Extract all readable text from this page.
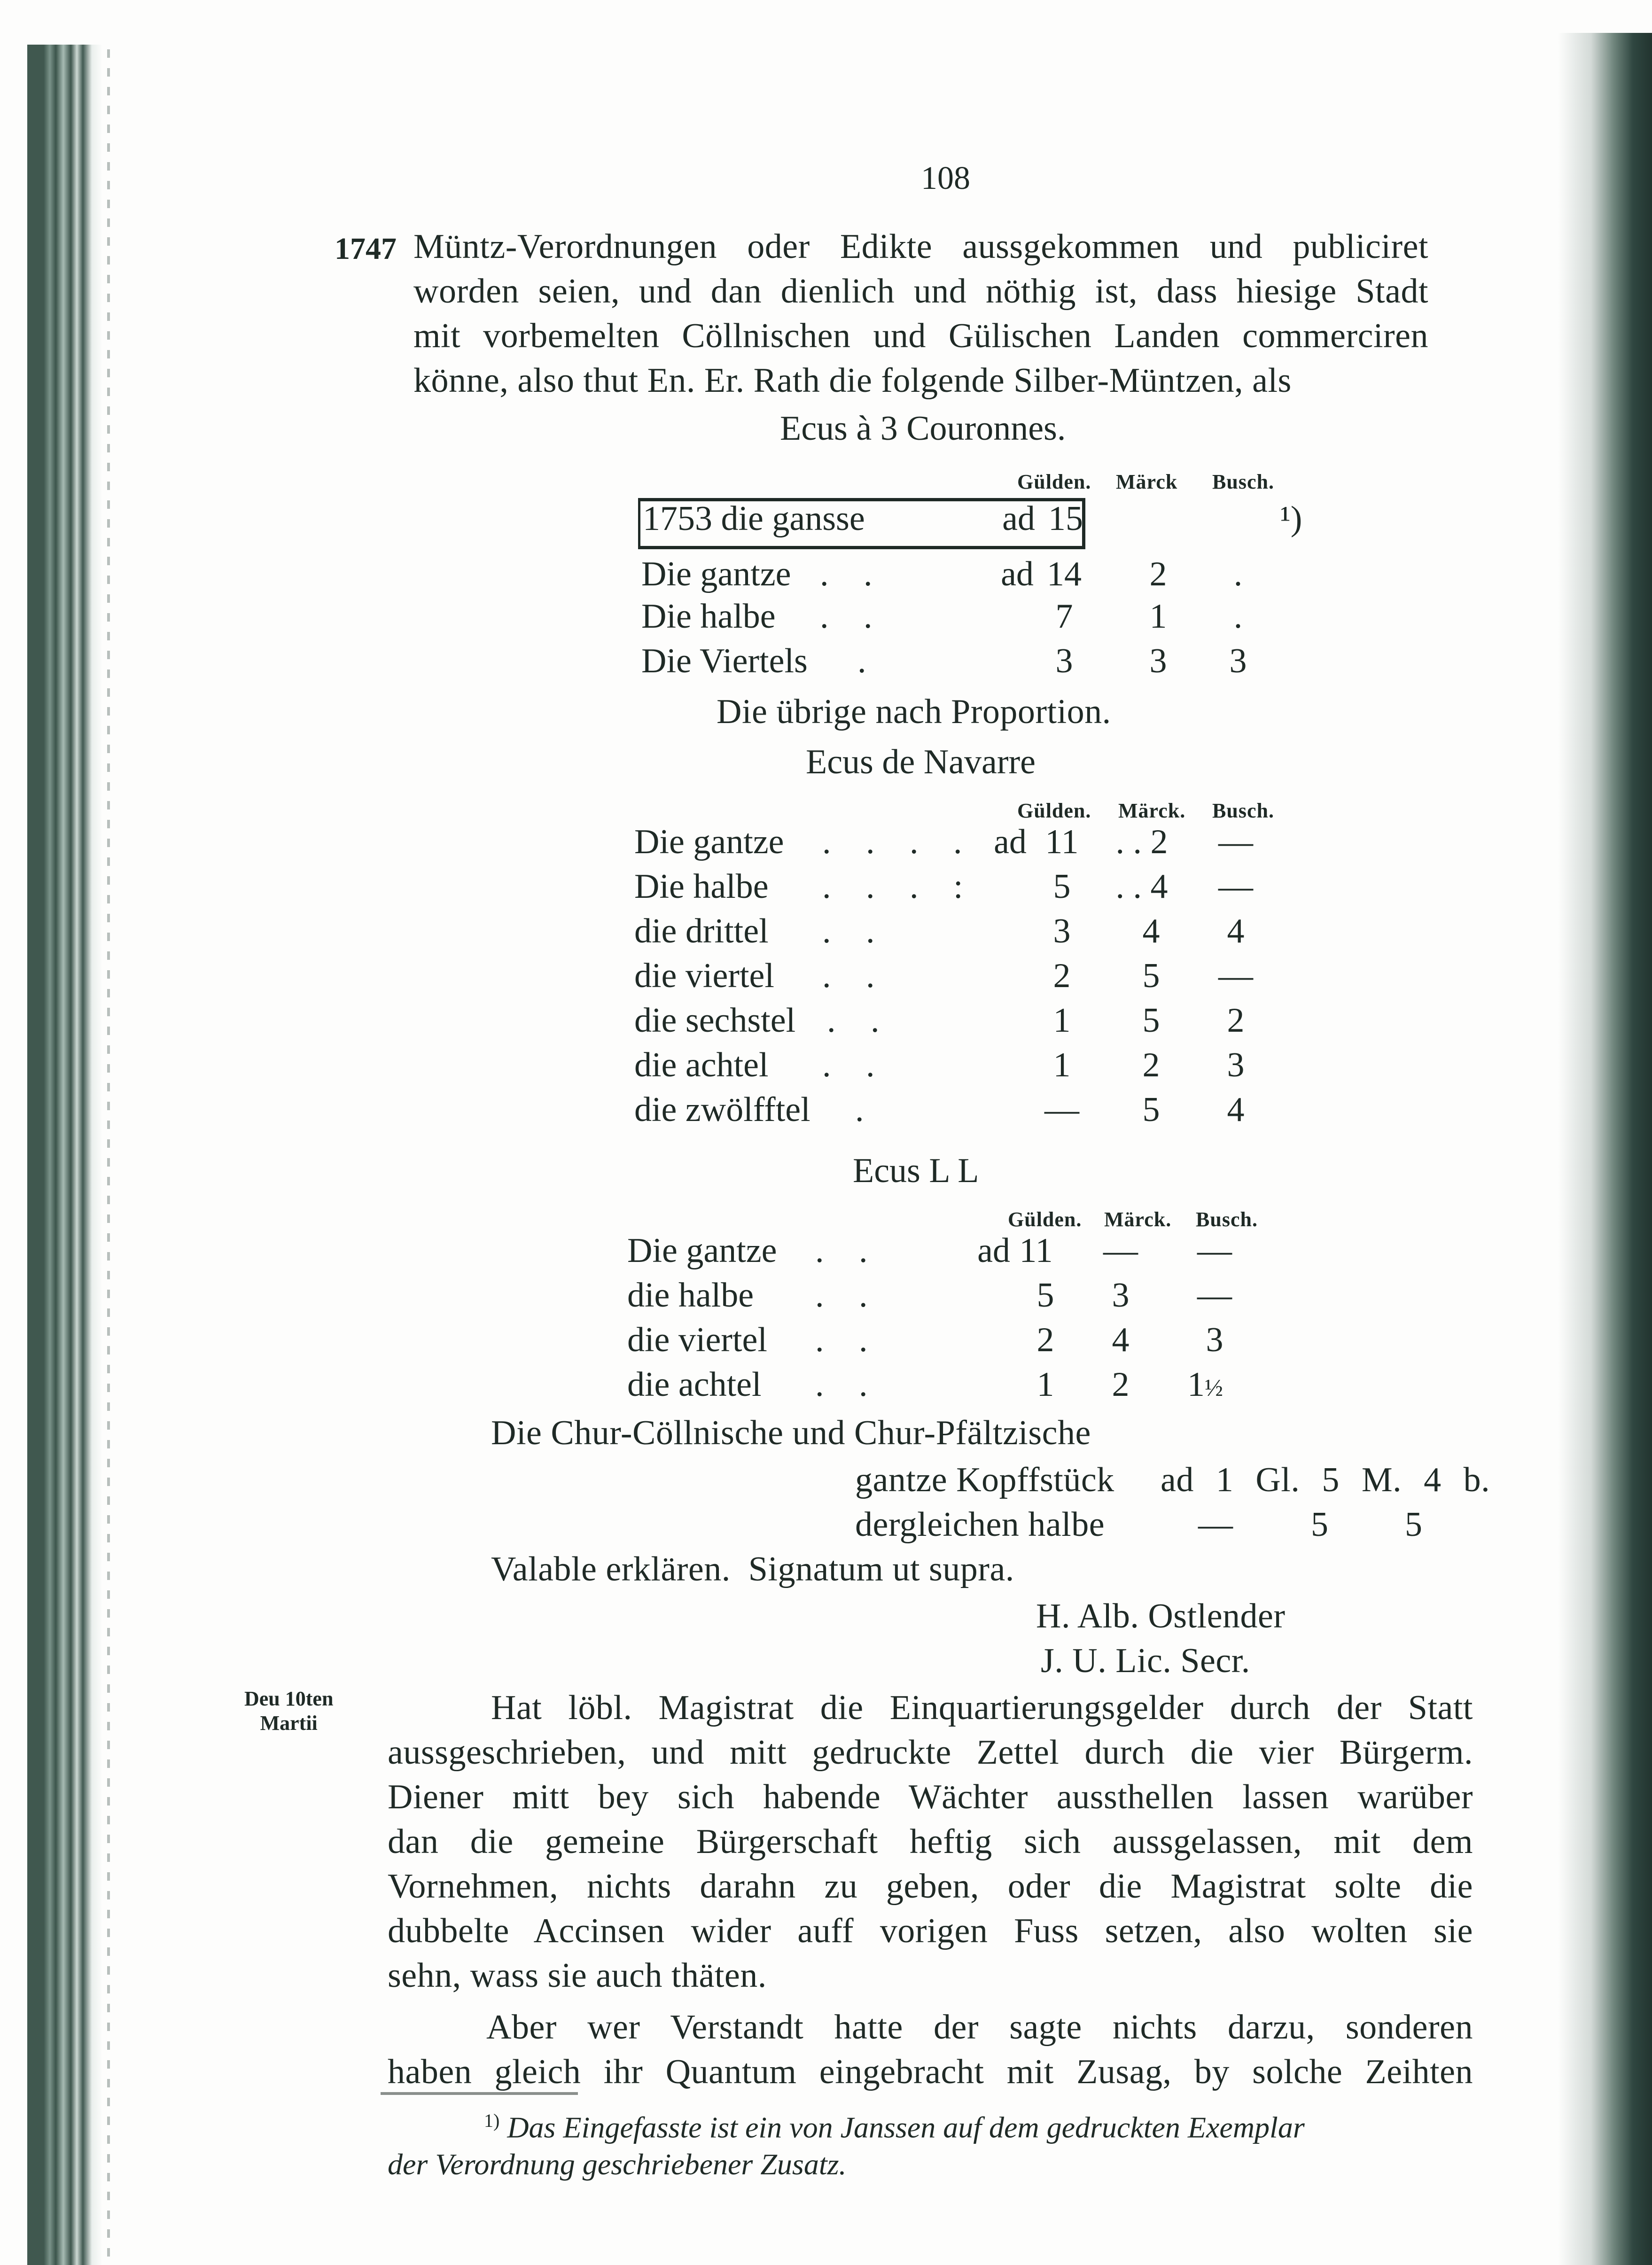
108
1747 Müntz-Verordnungen oder Edikte aussgekommen und publiciret
worden seien, und dan dienlich und nöthig ist, dass hiesige Stadt
mit vorbemelten Cöllnischen und Gülischen Landen commerciren
könne, also thut En. Er. Rath die folgende Silber-Müntzen, als
Ecus à 3 Couronnes.
Gülden. Märck Busch.
1753 die gansse	ad 15	¹)
Die gantze . .	ad 14	2	.
Die halbe . .	7	1	.
Die Viertels .	3	3	3
Die übrige nach Proportion.
Ecus de Navarre
Gülden. Märck. Busch.
Die gantze . . . . ad 11	. . 2	—
Die halbe . . . :	5	. . 4	—
die drittel . .	3	4	4
die viertel . .	2	5	—
die sechstel . .	1	5	2
die achtel . .	1	2	3
die zwölfftel .	—	5	4
Ecus L L
Gülden. Märck. Busch.
Die gantze . .	ad 11	—	—
die halbe . .	5	3	—
die viertel . .	2	4	3
die achtel . .	1	2	1½
Die Chur-Cöllnische und Chur-Pfältzische
gantze Kopffstück ad 1 Gl. 5 M. 4 b.
dergleichen halbe	— 5 5
Valable erklären.  Signatum ut supra.
H. Alb. Ostlender
J. U. Lic. Secr.
Deu 10ten
Martii	Hat löbl. Magistrat die Einquartierungsgelder durch der Statt
aussgeschrieben, und mitt gedruckte Zettel durch die vier Bürgerm.
Diener mitt bey sich habende Wächter aussthellen lassen warüber
dan die gemeine Bürgerschaft heftig sich aussgelassen, mit dem
Vornehmen, nichts darahn zu geben, oder die Magistrat solte die
dubbelte Accinsen wider auff vorigen Fuss setzen, also wolten sie
sehn, wass sie auch thäten.
Aber wer Verstandt hatte der sagte nichts darzu, sonderen
haben gleich ihr Quantum eingebracht mit Zusag, by solche Zeihten
$^{1)}$ Das Eingefasste ist ein von Janssen auf dem gedruckten Exemplar
der Verordnung geschriebener Zusatz.
